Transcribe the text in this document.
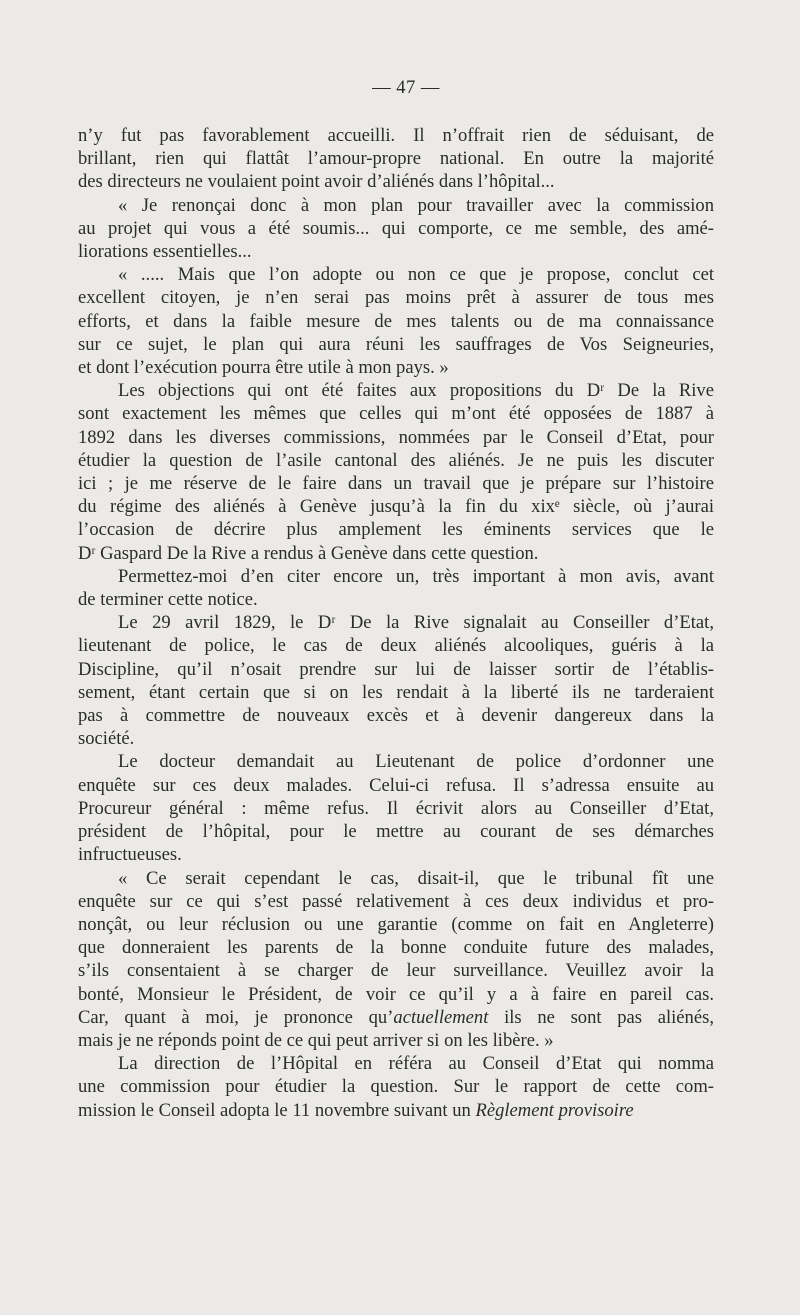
— 47 —

n’y fut pas favorablement accueilli. Il n’offrait rien de séduisant, de
brillant, rien qui flattât l’amour-propre national. En outre la majorité
des directeurs ne voulaient point avoir d’aliénés dans l’hôpital...

« Je renonçai donc à mon plan pour travailler avec la commission
au projet qui vous a été soumis... qui comporte, ce me semble, des amé-
liorations essentielles...

« ..... Mais que l’on adopte ou non ce que je propose, conclut cet
excellent citoyen, je n’en serai pas moins prêt à assurer de tous mes
efforts, et dans la faible mesure de mes talents ou de ma connaissance
sur ce sujet, le plan qui aura réuni les sauffrages de Vos Seigneuries,
et dont l’exécution pourra être utile à mon pays. »

Les objections qui ont été faites aux propositions du Dʳ De la Rive
sont exactement les mêmes que celles qui m’ont été opposées de 1887 à
1892 dans les diverses commissions, nommées par le Conseil d’Etat, pour
étudier la question de l’asile cantonal des aliénés. Je ne puis les discuter
ici ; je me réserve de le faire dans un travail que je prépare sur l’histoire
du régime des aliénés à Genève jusqu’à la fin du xixᵉ siècle, où j’aurai
l’occasion de décrire plus amplement les éminents services que le
Dʳ Gaspard De la Rive a rendus à Genève dans cette question.

Permettez-moi d’en citer encore un, très important à mon avis, avant
de terminer cette notice.

Le 29 avril 1829, le Dʳ De la Rive signalait au Conseiller d’Etat,
lieutenant de police, le cas de deux aliénés alcooliques, guéris à la
Discipline, qu’il n’osait prendre sur lui de laisser sortir de l’établis-
sement, étant certain que si on les rendait à la liberté ils ne tarderaient
pas à commettre de nouveaux excès et à devenir dangereux dans la
société.

Le docteur demandait au Lieutenant de police d’ordonner une
enquête sur ces deux malades. Celui-ci refusa. Il s’adressa ensuite au
Procureur général : même refus. Il écrivit alors au Conseiller d’Etat,
président de l’hôpital, pour le mettre au courant de ses démarches
infructueuses.

« Ce serait cependant le cas, disait-il, que le tribunal fît une
enquête sur ce qui s’est passé relativement à ces deux individus et pro-
nonçât, ou leur réclusion ou une garantie (comme on fait en Angleterre)
que donneraient les parents de la bonne conduite future des malades,
s’ils consentaient à se charger de leur surveillance. Veuillez avoir la
bonté, Monsieur le Président, de voir ce qu’il y a à faire en pareil cas.
Car, quant à moi, je prononce qu’actuellement ils ne sont pas aliénés,
mais je ne réponds point de ce qui peut arriver si on les libère. »

La direction de l’Hôpital en référa au Conseil d’Etat qui nomma
une commission pour étudier la question. Sur le rapport de cette com-
mission le Conseil adopta le 11 novembre suivant un Règlement provisoire
